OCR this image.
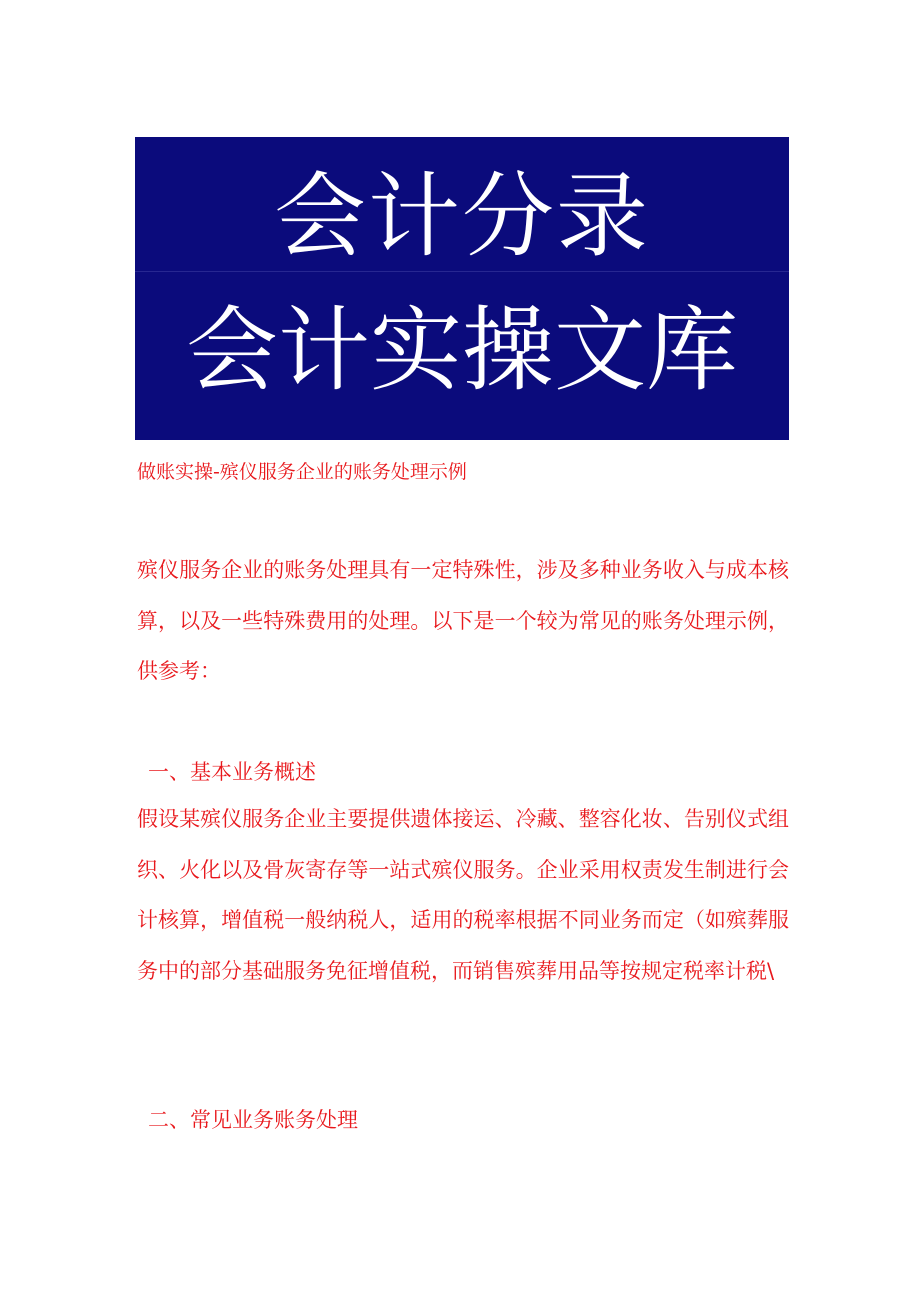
会计分录
会计实操文库
做账实操-殡仪服务企业的账务处理示例

殡仪服务企业的账务处理具有一定特殊性，涉及多种业务收入与成本核算，以及一些特殊费用的处理。以下是一个较为常见的账务处理示例，供参考：

一、基本业务概述

假设某殡仪服务企业主要提供遗体接运、冷藏、整容化妆、告别仪式组织、火化以及骨灰寄存等一站式殡仪服务。企业采用权责发生制进行会计核算，增值税一般纳税人，适用的税率根据不同业务而定（如殡葬服务中的部分基础服务免征增值税，而销售殡葬用品等按规定税率计税\

二、常见业务账务处理
